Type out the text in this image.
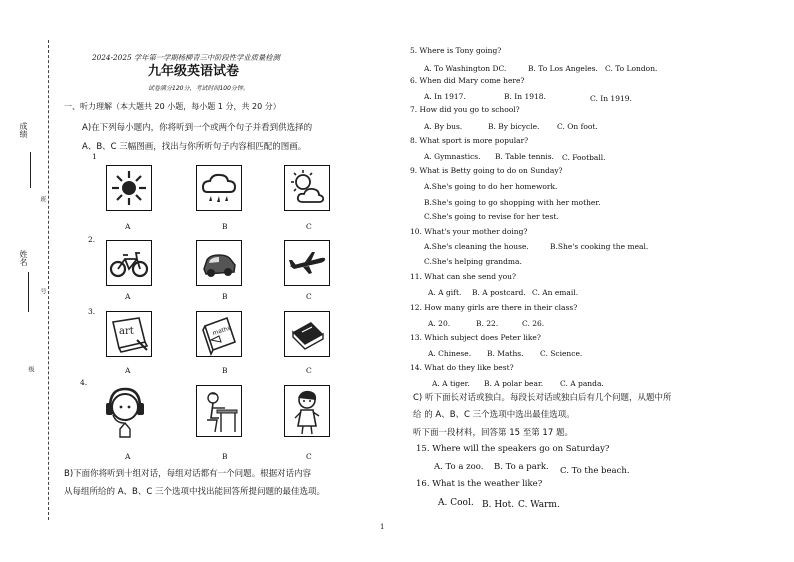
成绩
姓名
班
号
级
2024-2025 学年第一学期杨柳青三中阶段性学业质量检测
九年级英语试卷
试卷满分120分，考试时间100分钟。
一、听力理解（本大题共 20 小题，每小题 1 分，共 20 分）
A)在下列每小题内，你将听到一个或两个句子并看到供选择的
A、B、C 三幅图画，找出与你所听句子内容相匹配的图画。
1
2.
3.
4.
A	B	C
A	B	C
art	maths
A	B	C
A	B	C
B)下面你将听到十组对话，每组对话都有一个问题。根据对话内容
从每组所给的 A、B、C 三个选项中找出能回答所提问题的最佳选项。
5. Where is Tony going?
A. To Washington DC.	B. To Los Angeles. C. To London.
6. When did Mary come here?
A. In 1917.	B. In 1918.	C. In 1919.
7. How did you go to school?
A. By bus.	B. By bicycle. C. On foot.
8. What sport is more popular?
A. Gymnastics. B. Table tennis. C. Football.
9. What is Betty going to do on Sunday?
A.She's going to do her homework.
B.She's going to go shopping with her mother.
C.She's going to revise for her test.
10. What's your mother doing?
A.She's cleaning the house.	B.She's cooking the meal.
C.She's helping grandma.
11. What can she send you?
A. A gift. B. A postcard. C. An email.
12. How many girls are there in their class?
A. 20.	B. 22.	C. 26.
13. Which subject does Peter like?
A. Chinese. B. Maths. C. Science.
14. What do they like best?
A. A tiger. B. A polar bear. C. A panda.
C) 听下面长对话或独白。每段长对话或独白后有几个问题，从题中所
给 的 A、B、C 三个选项中选出最佳选项。
听下面一段材料，回答第 15 至第 17 题。
15. Where will the speakers go on Saturday?
A. To a zoo. B. To a park. C. To the beach.
16. What is the weather like?
A. Cool. B. Hot. C. Warm.
1
